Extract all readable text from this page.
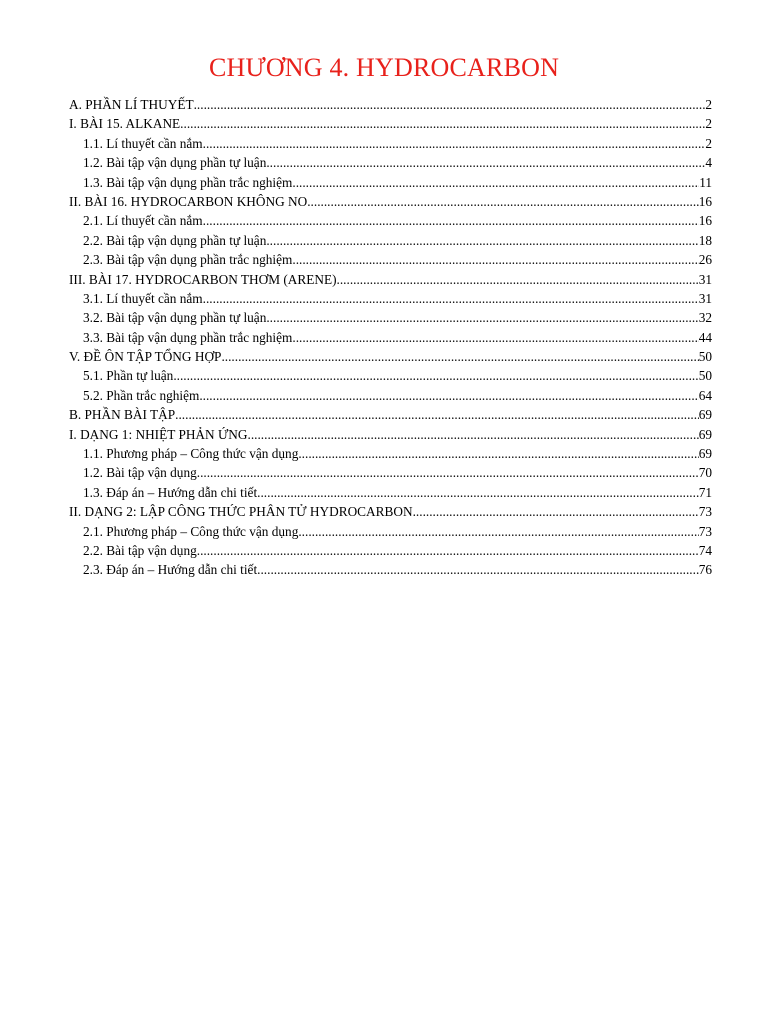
CHƯƠNG 4. HYDROCARBON
A. PHẦN LÍ THUYẾT .....	2
I. BÀI 15. ALKANE .....	2
1.1. Lí thuyết cần nắm .....	2
1.2. Bài tập vận dụng phần tự luận .....	4
1.3. Bài tập vận dụng phần trắc nghiệm .....	11
II. BÀI 16. HYDROCARBON KHÔNG NO .....	16
2.1. Lí thuyết cần nắm .....	16
2.2. Bài tập vận dụng phần tự luận .....	18
2.3. Bài tập vận dụng phần trắc nghiệm .....	26
III. BÀI 17. HYDROCARBON THƠM (ARENE) .....	31
3.1. Lí thuyết cần nắm .....	31
3.2. Bài tập vận dụng phần tự luận .....	32
3.3. Bài tập vận dụng phần trắc nghiệm .....	44
V. ĐỀ ÔN TẬP TỔNG HỢP .....	50
5.1. Phần tự luận .....	50
5.2. Phần trắc nghiệm .....	64
B. PHẦN BÀI TẬP .....	69
I. DẠNG 1: NHIỆT PHẢN ỨNG .....	69
1.1. Phương pháp – Công thức vận dụng .....	69
1.2. Bài tập vận dụng .....	70
1.3. Đáp án – Hướng dẫn chi tiết .....	71
II. DẠNG 2: LẬP CÔNG THỨC PHÂN TỬ HYDROCARBON .....	73
2.1. Phương pháp – Công thức vận dụng .....	73
2.2. Bài tập vận dụng .....	74
2.3. Đáp án – Hướng dẫn chi tiết .....	76
